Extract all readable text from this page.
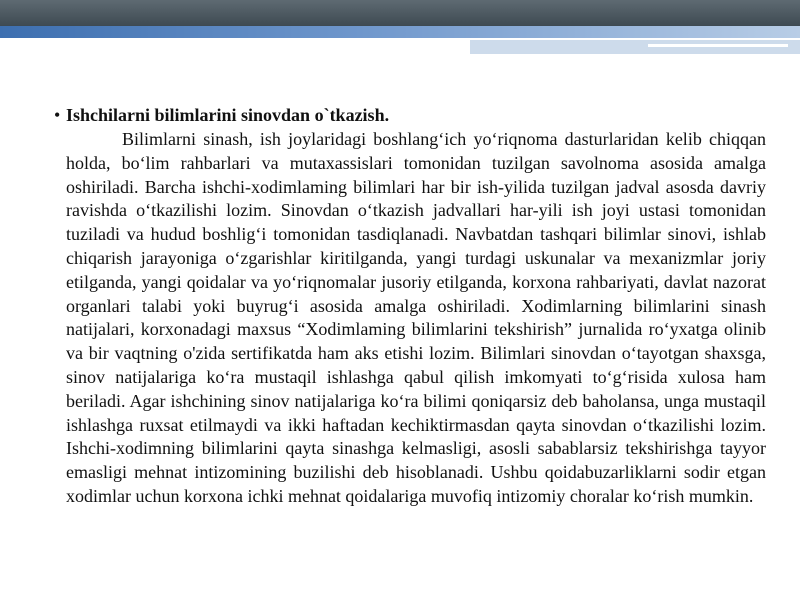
• Ishchilarni bilimlarini sinovdan o`tkazish.

Bilimlarni sinash, ish joylaridagi boshlang‘ich yo‘riqnoma dasturlaridan kelib chiqqan holda, bo‘lim rahbarlari va mutaxassislari tomonidan tuzilgan savolnoma asosida amalga oshiriladi. Barcha ishchi-xodimlaming bilimlari har bir ish-yilida tuzilgan jadval asosda davriy ravishda o‘tkazilishi lozim. Sinovdan o‘tkazish jadvallari har-yili ish joyi ustasi tomonidan tuziladi va hudud boshlig‘i tomonidan tasdiqlanadi. Navbatdan tashqari bilimlar sinovi, ishlab chiqarish jarayoniga o‘zgarishlar kiritilganda, yangi turdagi uskunalar va mexanizmlar joriy etilganda, yangi qoidalar va yo‘riqnomalar jusoriy etilganda, korxona rahbariyati, davlat nazorat organlari talabi yoki buyrug‘i asosida amalga oshiriladi. Xodimlarning bilimlarini sinash natijalari, korxonadagi maxsus “Xodimlaming bilimlarini tekshirish” jurnalida ro‘yxatga olinib va bir vaqtning o'zida sertifikatda ham aks etishi lozim. Bilimlari sinovdan o‘tayotgan shaxsga, sinov natijalariga ko‘ra mustaqil ishlashga qabul qilish imkomyati to‘g‘risida xulosa ham beriladi. Agar ishchining sinov natijalariga ko‘ra bilimi qoniqarsiz deb baholansa, unga mustaqil ishlashga ruxsat etilmaydi va ikki haftadan kechiktirmasdan qayta sinovdan o‘tkazilishi lozim. Ishchi-xodimning bilimlarini qayta sinashga kelmasligi, asosli sabablarsiz tekshirishga tayyor emasligi mehnat intizomining buzilishi deb hisoblanadi. Ushbu qoidabuzarliklarni sodir etgan xodimlar uchun korxona ichki mehnat qoidalariga muvofiq intizomiy choralar ko‘rish mumkin.
